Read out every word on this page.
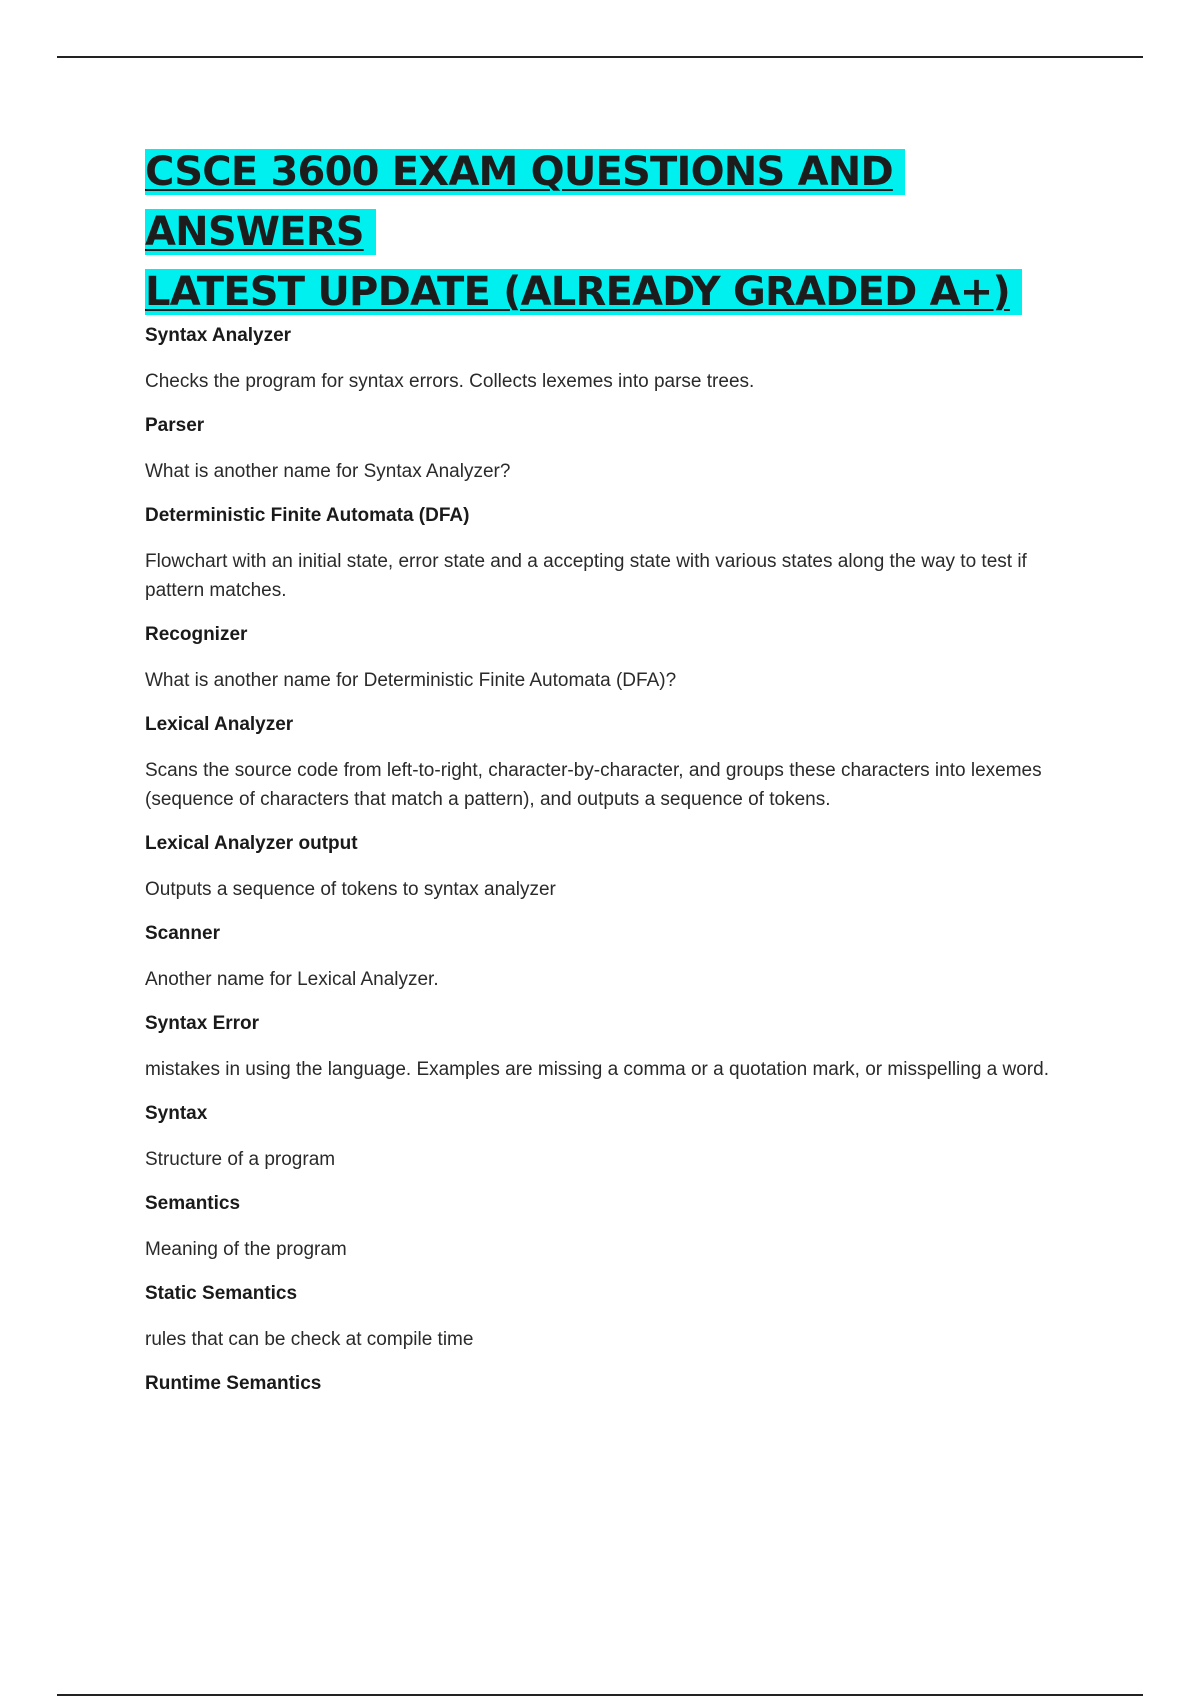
CSCE 3600 EXAM QUESTIONS AND ANSWERS
LATEST UPDATE (ALREADY GRADED A+)

Syntax Analyzer

Checks the program for syntax errors. Collects lexemes into parse trees.

Parser

What is another name for Syntax Analyzer?

Deterministic Finite Automata (DFA)

Flowchart with an initial state, error state and a accepting state with various states along the way to test if pattern matches.

Recognizer

What is another name for Deterministic Finite Automata (DFA)?

Lexical Analyzer

Scans the source code from left-to-right, character-by-character, and groups these characters into lexemes (sequence of characters that match a pattern), and outputs a sequence of tokens.

Lexical Analyzer output

Outputs a sequence of tokens to syntax analyzer

Scanner

Another name for Lexical Analyzer.

Syntax Error

mistakes in using the language. Examples are missing a comma or a quotation mark, or misspelling a word.

Syntax

Structure of a program

Semantics

Meaning of the program

Static Semantics

rules that can be check at compile time

Runtime Semantics
